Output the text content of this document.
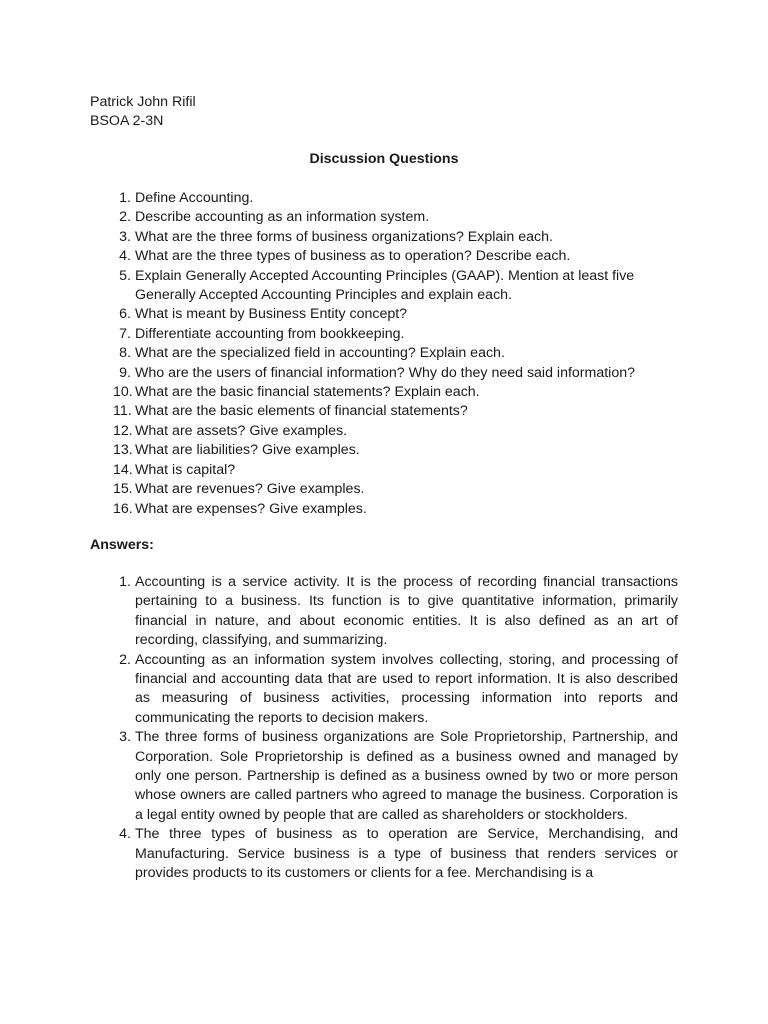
Patrick John Rifil
BSOA 2-3N
Discussion Questions
1. Define Accounting.
2. Describe accounting as an information system.
3. What are the three forms of business organizations? Explain each.
4. What are the three types of business as to operation? Describe each.
5. Explain Generally Accepted Accounting Principles (GAAP). Mention at least five Generally Accepted Accounting Principles and explain each.
6. What is meant by Business Entity concept?
7. Differentiate accounting from bookkeeping.
8. What are the specialized field in accounting? Explain each.
9. Who are the users of financial information? Why do they need said information?
10. What are the basic financial statements? Explain each.
11. What are the basic elements of financial statements?
12. What are assets? Give examples.
13. What are liabilities? Give examples.
14. What is capital?
15. What are revenues? Give examples.
16. What are expenses? Give examples.
Answers:
1. Accounting is a service activity. It is the process of recording financial transactions pertaining to a business. Its function is to give quantitative information, primarily financial in nature, and about economic entities. It is also defined as an art of recording, classifying, and summarizing.
2. Accounting as an information system involves collecting, storing, and processing of financial and accounting data that are used to report information. It is also described as measuring of business activities, processing information into reports and communicating the reports to decision makers.
3. The three forms of business organizations are Sole Proprietorship, Partnership, and Corporation. Sole Proprietorship is defined as a business owned and managed by only one person. Partnership is defined as a business owned by two or more person whose owners are called partners who agreed to manage the business. Corporation is a legal entity owned by people that are called as shareholders or stockholders.
4. The three types of business as to operation are Service, Merchandising, and Manufacturing. Service business is a type of business that renders services or provides products to its customers or clients for a fee. Merchandising is a
